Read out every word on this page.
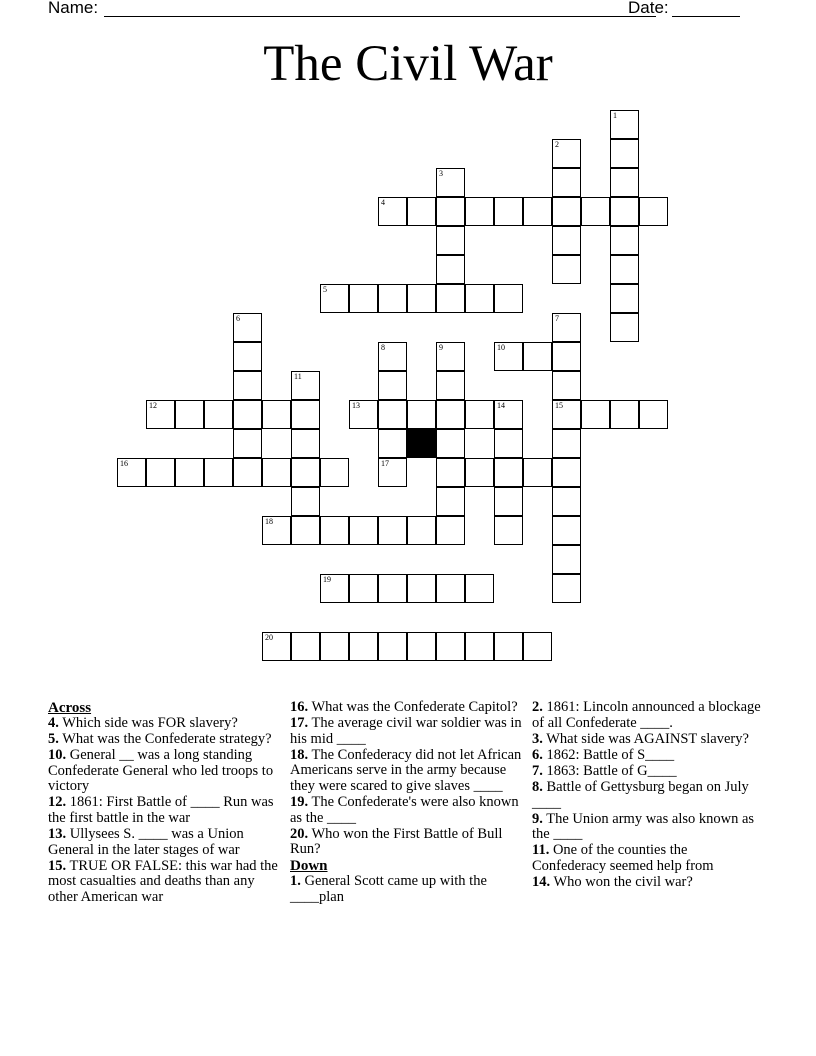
Name:	Date:
The Civil War
1
2
3
4
5
6	7
8	9	10
11
12	13	14	15
16	17
18
19
20
Across
4. Which side was FOR slavery?
5. What was the Confederate strategy?
10. General __ was a long standing Confederate General who led troops to victory
12. 1861: First Battle of ____ Run was the first battle in the war
13. Ullysees S. ____ was a Union General in the later stages of war
15. TRUE OR FALSE: this war had the most casualties and deaths than any other American war
16. What was the Confederate Capitol?
17. The average civil war soldier was in his mid ____
18. The Confederacy did not let African Americans serve in the army because they were scared to give slaves ____
19. The Confederate's were also known as the ____
20. Who won the First Battle of Bull Run?
Down
1. General Scott came up with the ____plan
2. 1861: Lincoln announced a blockage of all Confederate ____.
3. What side was AGAINST slavery?
6. 1862: Battle of S____
7. 1863: Battle of G____
8. Battle of Gettysburg began on July ____
9. The Union army was also known as the ____
11. One of the counties the Confederacy seemed help from
14. Who won the civil war?
